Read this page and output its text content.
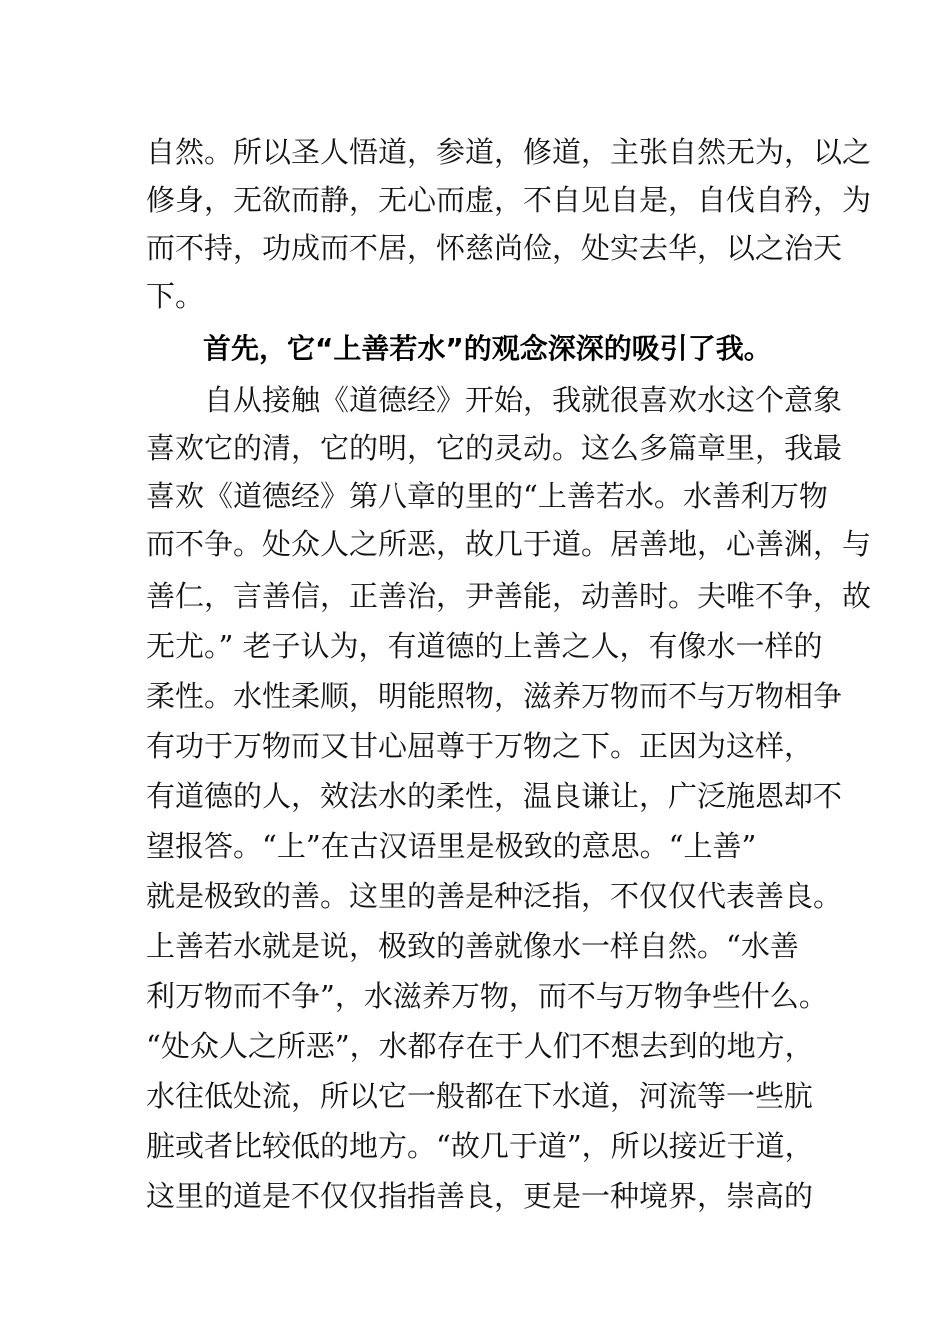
自然。所以圣人悟道，参道，修道，主张自然无为，以之
修身，无欲而静，无心而虚，不自见自是，自伐自矜，为
而不持，功成而不居，怀慈尚俭，处实去华，以之治天
下。
首先，它“上善若水”的观念深深的吸引了我。
自从接触《道德经》开始，我就很喜欢水这个意象
喜欢它的清，它的明，它的灵动。这么多篇章里，我最
喜欢《道德经》第八章的里的“上善若水。水善利万物
而不争。处众人之所恶，故几于道。居善地，心善渊，与
善仁，言善信，正善治，尹善能，动善时。夫唯不争，故
无尤。” 老子认为，有道德的上善之人，有像水一样的
柔性。水性柔顺，明能照物，滋养万物而不与万物相争
有功于万物而又甘心屈尊于万物之下。正因为这样，
有道德的人，效法水的柔性，温良谦让，广泛施恩却不
望报答。“上”在古汉语里是极致的意思。“上善”
就是极致的善。这里的善是种泛指，不仅仅代表善良。
上善若水就是说，极致的善就像水一样自然。“水善
利万物而不争”，水滋养万物，而不与万物争些什么。
“处众人之所恶”，水都存在于人们不想去到的地方，
水往低处流，所以它一般都在下水道，河流等一些肮
脏或者比较低的地方。“故几于道”，所以接近于道，
这里的道是不仅仅指指善良，更是一种境界，崇高的
